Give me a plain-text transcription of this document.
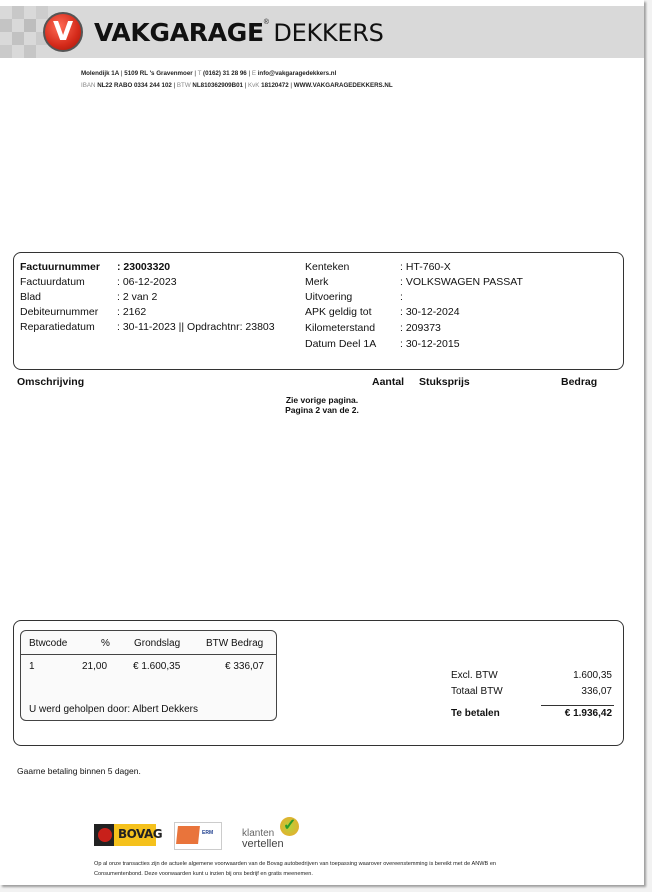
V VAKGARAGE® DEKKERS
Molendijk 1A | 5109 RL 's Gravenmoer | T (0162) 31 28 96 | E info@vakgaragedekkers.nl
IBAN NL22 RABO 0334 244 102 | BTW NL810362909B01 | KvK 18120472 | WWW.VAKGARAGEDEKKERS.NL
Factuurnummer : 23003320
Factuurdatum	: 06-12-2023
Blad	: 2 van 2
Debiteurnummer : 2162
Reparatiedatum : 30-11-2023 || Opdrachtnr: 23803
Kenteken	: HT-760-X
Merk	: VOLKSWAGEN PASSAT
Uitvoering	:
APK geldig tot	: 30-12-2024
Kilometerstand : 209373
Datum Deel 1A : 30-12-2015
Omschrijving	Aantal Stuksprijs	Bedrag
Zie vorige pagina.
Pagina 2 van de 2.
Btwcode	% Grondslag	BTW Bedrag
1	21,00	€ 1.600,35	€ 336,07
U werd geholpen door: Albert Dekkers
Excl. BTW	1.600,35
Totaal BTW	336,07
Te betalen	€ 1.936,42
Gaarne betaling binnen 5 dagen.
BOVAG	ERM	klanten
vertellen
✓
Op al onze transacties zijn de actuele algemene voorwaarden van de Bovag autobedrijven van toepassing waarover overeenstemming is bereikt met de ANWB en
Consumentenbond. Deze voorwaarden kunt u inzien bij ons bedrijf en gratis meenemen.
